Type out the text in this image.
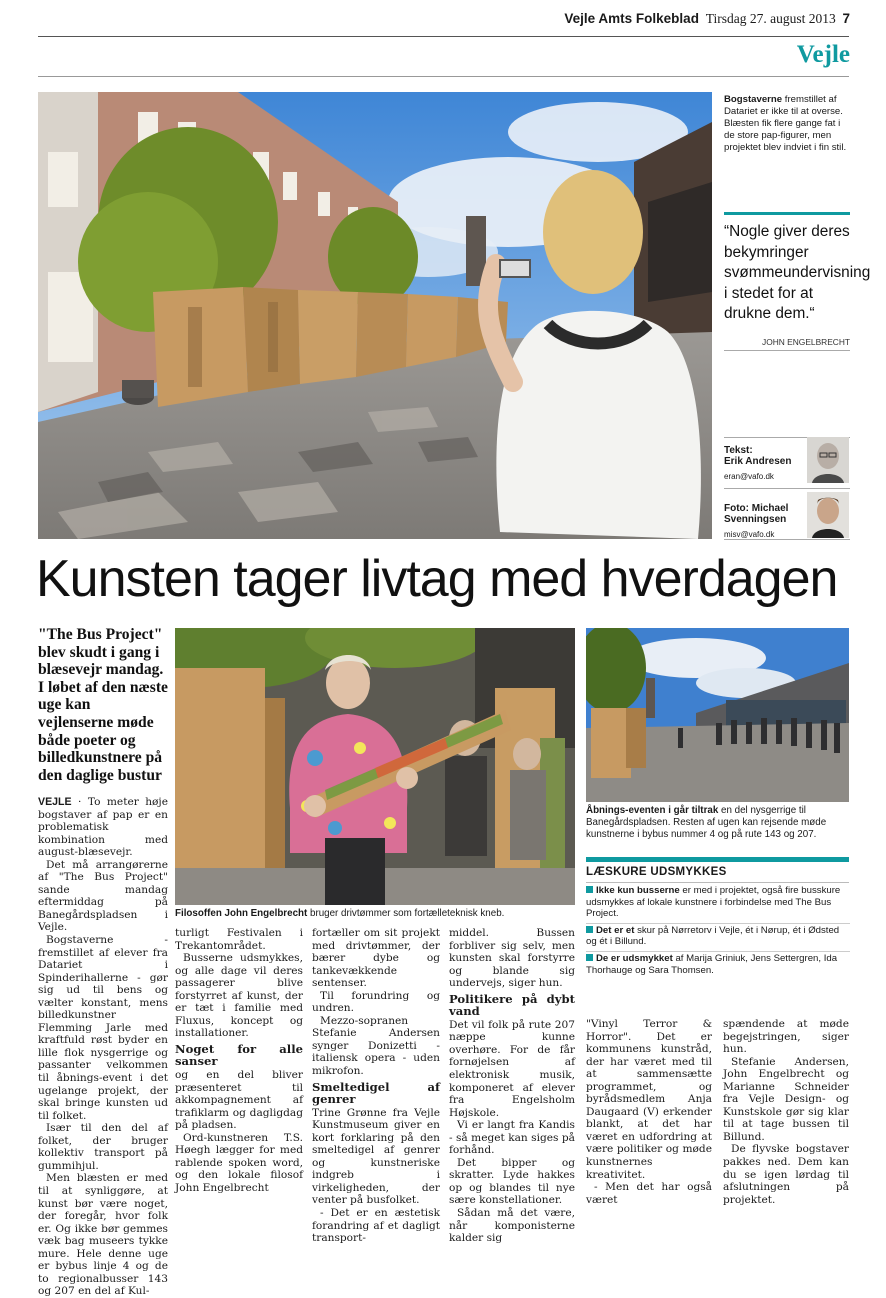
Vejle Amts Folkeblad Tirsdag 27. august 2013 7
Vejle
Bogstaverne fremstillet af Datariet er ikke til at overse. Blæsten fik flere gange fat i de store pap-figurer, men projektet blev indviet i fin stil.
“Nogle giver deres bekymringer svømmeundervisning i stedet for at drukne dem.“
JOHN ENGELBRECHT
Tekst:
Erik Andresen
eran@vafo.dk
Foto: Michael
Svenningsen
misv@vafo.dk
Kunsten tager livtag med hverdagen
"The Bus Project" blev skudt i gang i blæsevejr mandag. I løbet af den næste uge kan vejlenserne møde både poeter og billedkunstnere på den daglige bustur
Filosoffen John Engelbrecht bruger drivtømmer som fortælleteknisk kneb.
Åbnings-eventen i går tiltrak en del nysgerrige til Banegårdspladsen. Resten af ugen kan rejsende møde kunstnerne i bybus nummer 4 og på rute 143 og 207.
LÆSKURE UDSMYKKES
Ikke kun busserne er med i projektet, også fire busskure udsmykkes af lokale kunstnere i forbindelse med The Bus Project.
Det er et skur på Nørretorv i Vejle, ét i Nørup, ét i Ødsted og ét i Billund.
De er udsmykket af Marija Griniuk, Jens Settergren, Ida Thorhauge og Sara Thomsen.

VEJLE · To meter høje bogstaver af pap er en problematisk kombination med august-blæsevejr.

Det må arrangørerne af "The Bus Project" sande mandag eftermiddag på Banegårdspladsen i Vejle.

Bogstaverne - fremstillet af elever fra Datariet i Spinderihallerne - gør sig ud til bens og vælter konstant, mens billedkunstner Flemming Jarle med kraftfuld røst byder en lille flok nysgerrige og passanter velkommen til åbnings-event i det ugelange projekt, der skal bringe kunsten ud til folket.

Især til den del af folket, der bruger kollektiv transport på gummihjul.

Men blæsten er med til at synliggøre, at kunst bør være noget, der foregår, hvor folk er. Og ikke bør gemmes væk bag museers tykke mure. Hele denne uge er bybus linje 4 og de to regionalbusser 143 og 207 en del af Kul-

turligt Festivalen i Trekantområdet.

Busserne udsmykkes, og alle dage vil deres passagerer blive forstyrret af kunst, der er tæt i familie med Fluxus, koncept og installationer.

Noget for alle sanser

og en del bliver præsenteret til akkompagnement af trafiklarm og dagligdag på pladsen.

Ord-kunstneren T.S. Høegh lægger for med rablende spoken word, og den lokale filosof John Engelbrecht

fortæller om sit projekt med drivtømmer, der bærer dybe og tankevækkende sentenser.

Til forundring og undren.

Mezzo-sopranen Stefanie Andersen synger Donizetti - italiensk opera - uden mikrofon.

Smeltedigel af genrer

Trine Grønne fra Vejle Kunstmuseum giver en kort forklaring på den smeltedigel af genrer og kunstneriske indgreb i virkeligheden, der venter på busfolket.

- Det er en æstetisk forandring af et dagligt transport-

middel. Bussen forbliver sig selv, men kunsten skal forstyrre og blande sig undervejs, siger hun.

Politikere på dybt vand

Det vil folk på rute 207 næppe kunne overhøre. For de får fornøjelsen af elektronisk musik, komponeret af elever fra Engelsholm Højskole.

Vi er langt fra Kandis - så meget kan siges på forhånd.

Det bipper og skratter. Lyde hakkes op og blandes til nye sære konstellationer.

Sådan må det være, når komponisterne kalder sig

"Vinyl Terror & Horror". Det er kommunens kunstråd, der har været med til at sammensætte programmet, og byrådsmedlem Anja Daugaard (V) erkender blankt, at det har været en udfordring at være politiker og møde kunstnernes kreativitet.

- Men det har også været

spændende at møde begejstringen, siger hun.

Stefanie Andersen, John Engelbrecht og Marianne Schneider fra Vejle Design- og Kunstskole gør sig klar til at tage bussen til Billund.

De flyvske bogstaver pakkes ned. Dem kan du se igen lørdag til afslutningen på projektet.
